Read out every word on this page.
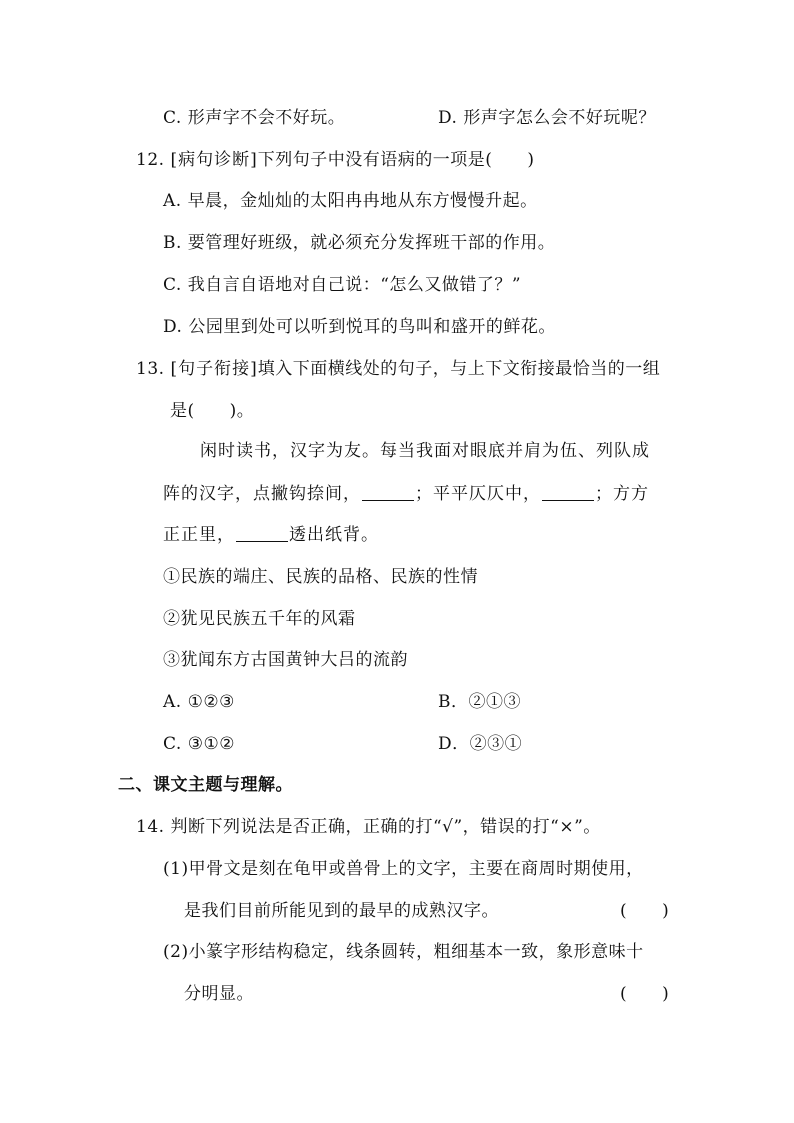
C. 形声字不会不好玩。	D. 形声字怎么会不好玩呢？
12. [病句诊断]下列句子中没有语病的一项是(　　)
A. 早晨，金灿灿的太阳冉冉地从东方慢慢升起。
B. 要管理好班级，就必须充分发挥班干部的作用。
C. 我自言自语地对自己说：“怎么又做错了？”
D. 公园里到处可以听到悦耳的鸟叫和盛开的鲜花。
13. [句子衔接]填入下面横线处的句子，与上下文衔接最恰当的一组
是(　　)。
闲时读书，汉字为友。每当我面对眼底并肩为伍、列队成
阵的汉字，点撇钩捺间，	；平平仄仄中，	；方方
正正里，	透出纸背。
①民族的端庄、民族的品格、民族的性情
②犹见民族五千年的风霜
③犹闻东方古国黄钟大吕的流韵
A. ①②③	B．②①③
C. ③①②	D．②③①
二、课文主题与理解。
14. 判断下列说法是否正确，正确的打“√”，错误的打“×”。
(1)甲骨文是刻在龟甲或兽骨上的文字，主要在商周时期使用，
是我们目前所能见到的最早的成熟汉字。	(　　)
(2)小篆字形结构稳定，线条圆转，粗细基本一致，象形意味十
分明显。	(　　)
